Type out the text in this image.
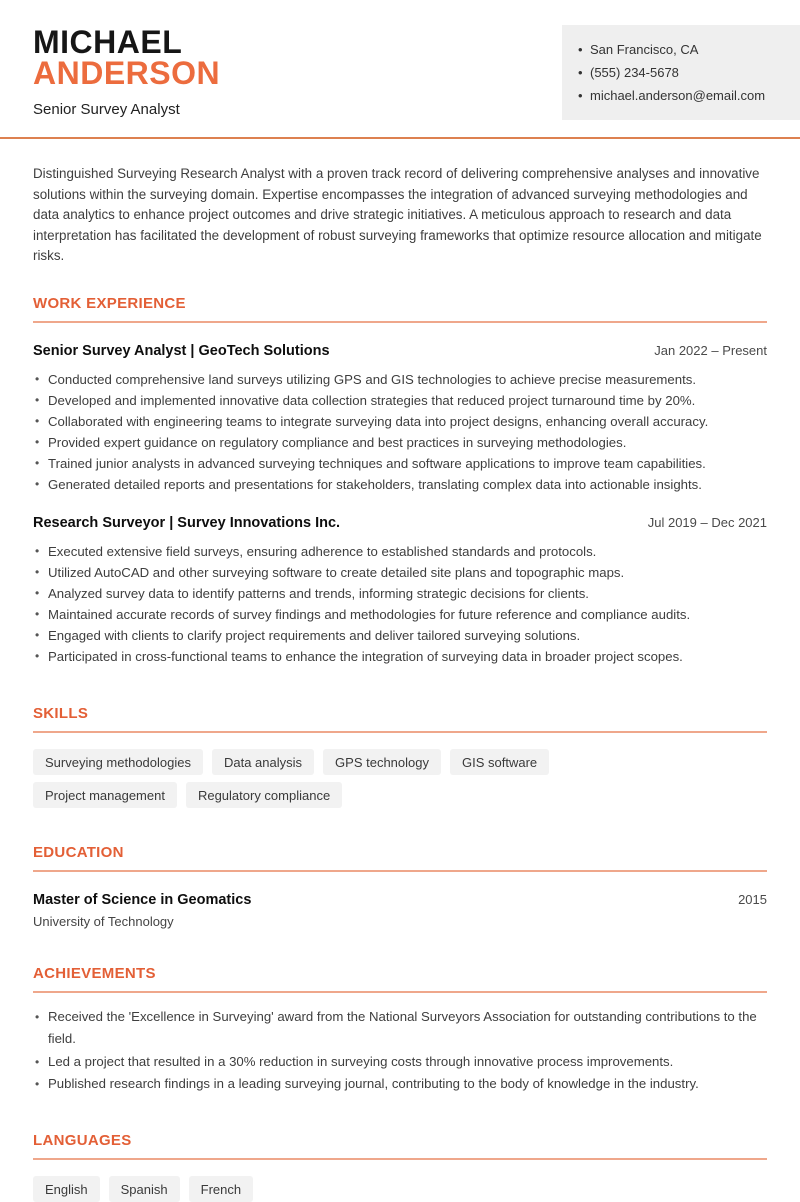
MICHAEL
ANDERSON
Senior Survey Analyst
• San Francisco, CA
• (555) 234-5678
• michael.anderson@email.com

Distinguished Surveying Research Analyst with a proven track record of delivering comprehensive analyses and innovative solutions within the surveying domain. Expertise encompasses the integration of advanced surveying methodologies and data analytics to enhance project outcomes and drive strategic initiatives. A meticulous approach to research and data interpretation has facilitated the development of robust surveying frameworks that optimize resource allocation and mitigate risks.

WORK EXPERIENCE
Senior Survey Analyst | GeoTech Solutions	Jan 2022 – Present
• Conducted comprehensive land surveys utilizing GPS and GIS technologies to achieve precise measurements.
• Developed and implemented innovative data collection strategies that reduced project turnaround time by 20%.
• Collaborated with engineering teams to integrate surveying data into project designs, enhancing overall accuracy.
• Provided expert guidance on regulatory compliance and best practices in surveying methodologies.
• Trained junior analysts in advanced surveying techniques and software applications to improve team capabilities.
• Generated detailed reports and presentations for stakeholders, translating complex data into actionable insights.
Research Surveyor | Survey Innovations Inc.	Jul 2019 – Dec 2021
• Executed extensive field surveys, ensuring adherence to established standards and protocols.
• Utilized AutoCAD and other surveying software to create detailed site plans and topographic maps.
• Analyzed survey data to identify patterns and trends, informing strategic decisions for clients.
• Maintained accurate records of survey findings and methodologies for future reference and compliance audits.
• Engaged with clients to clarify project requirements and deliver tailored surveying solutions.
• Participated in cross-functional teams to enhance the integration of surveying data in broader project scopes.
SKILLS
Surveying methodologies	Data analysis	GPS technology	GIS software
Project management	Regulatory compliance
EDUCATION
Master of Science in Geomatics	2015
University of Technology
ACHIEVEMENTS
• Received the 'Excellence in Surveying' award from the National Surveyors Association for outstanding contributions to the field.
• Led a project that resulted in a 30% reduction in surveying costs through innovative process improvements.
• Published research findings in a leading surveying journal, contributing to the body of knowledge in the industry.
LANGUAGES
English	Spanish	French
